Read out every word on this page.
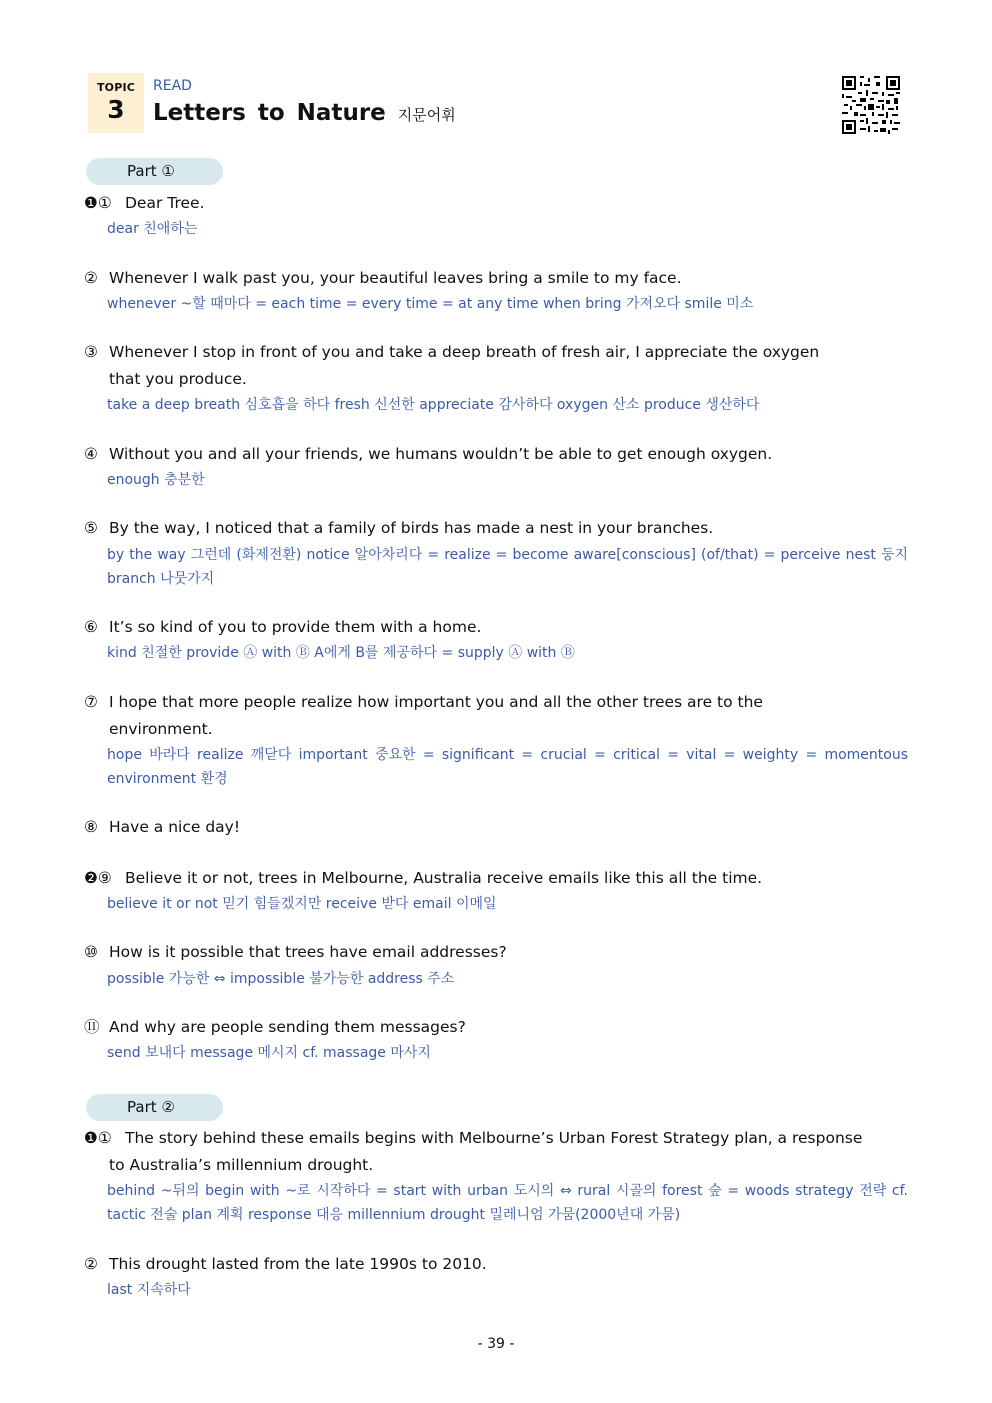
TOPIC
3
READ
Letters to Nature 지문어휘
Part ①
❶① Dear Tree.
dear 친애하는
② Whenever I walk past you, your beautiful leaves bring a smile to my face.
whenever ~할 때마다 = each time = every time = at any time when bring 가져오다 smile 미소
③ Whenever I stop in front of you and take a deep breath of fresh air, I appreciate the oxygen
that you produce.
take a deep breath 심호흡을 하다 fresh 신선한 appreciate 감사하다 oxygen 산소 produce 생산하다
④ Without you and all your friends, we humans wouldn’t be able to get enough oxygen.
enough 충분한
⑤ By the way, I noticed that a family of birds has made a nest in your branches.
by the way 그런데 (화제전환) notice 알아차리다 = realize = become aware[conscious] (of/that) = perceive nest 둥지 branch 나뭇가지
⑥ It’s so kind of you to provide them with a home.
kind 친절한 provide Ⓐ with Ⓑ A에게 B를 제공하다 = supply Ⓐ with Ⓑ
⑦ I hope that more people realize how important you and all the other trees are to the
environment.
hope 바라다 realize 깨닫다 important 중요한 = significant = crucial = critical = vital = weighty = momentous environment 환경
⑧ Have a nice day!
❷⑨ Believe it or not, trees in Melbourne, Australia receive emails like this all the time.
believe it or not 믿기 힘들겠지만 receive 받다 email 이메일
⑩ How is it possible that trees have email addresses?
possible 가능한 ⇔ impossible 불가능한 address 주소
⑪ And why are people sending them messages?
send 보내다 message 메시지 cf. massage 마사지
Part ②
❶① The story behind these emails begins with Melbourne’s Urban Forest Strategy plan, a response
to Australia’s millennium drought.
behind ~뒤의 begin with ~로 시작하다 = start with urban 도시의 ⇔ rural 시골의 forest 숲 = woods strategy 전략 cf. tactic 전술 plan 계획 response 대응 millennium drought 밀레니엄 가뭄(2000년대 가뭄)
② This drought lasted from the late 1990s to 2010.
last 지속하다
- 39 -
